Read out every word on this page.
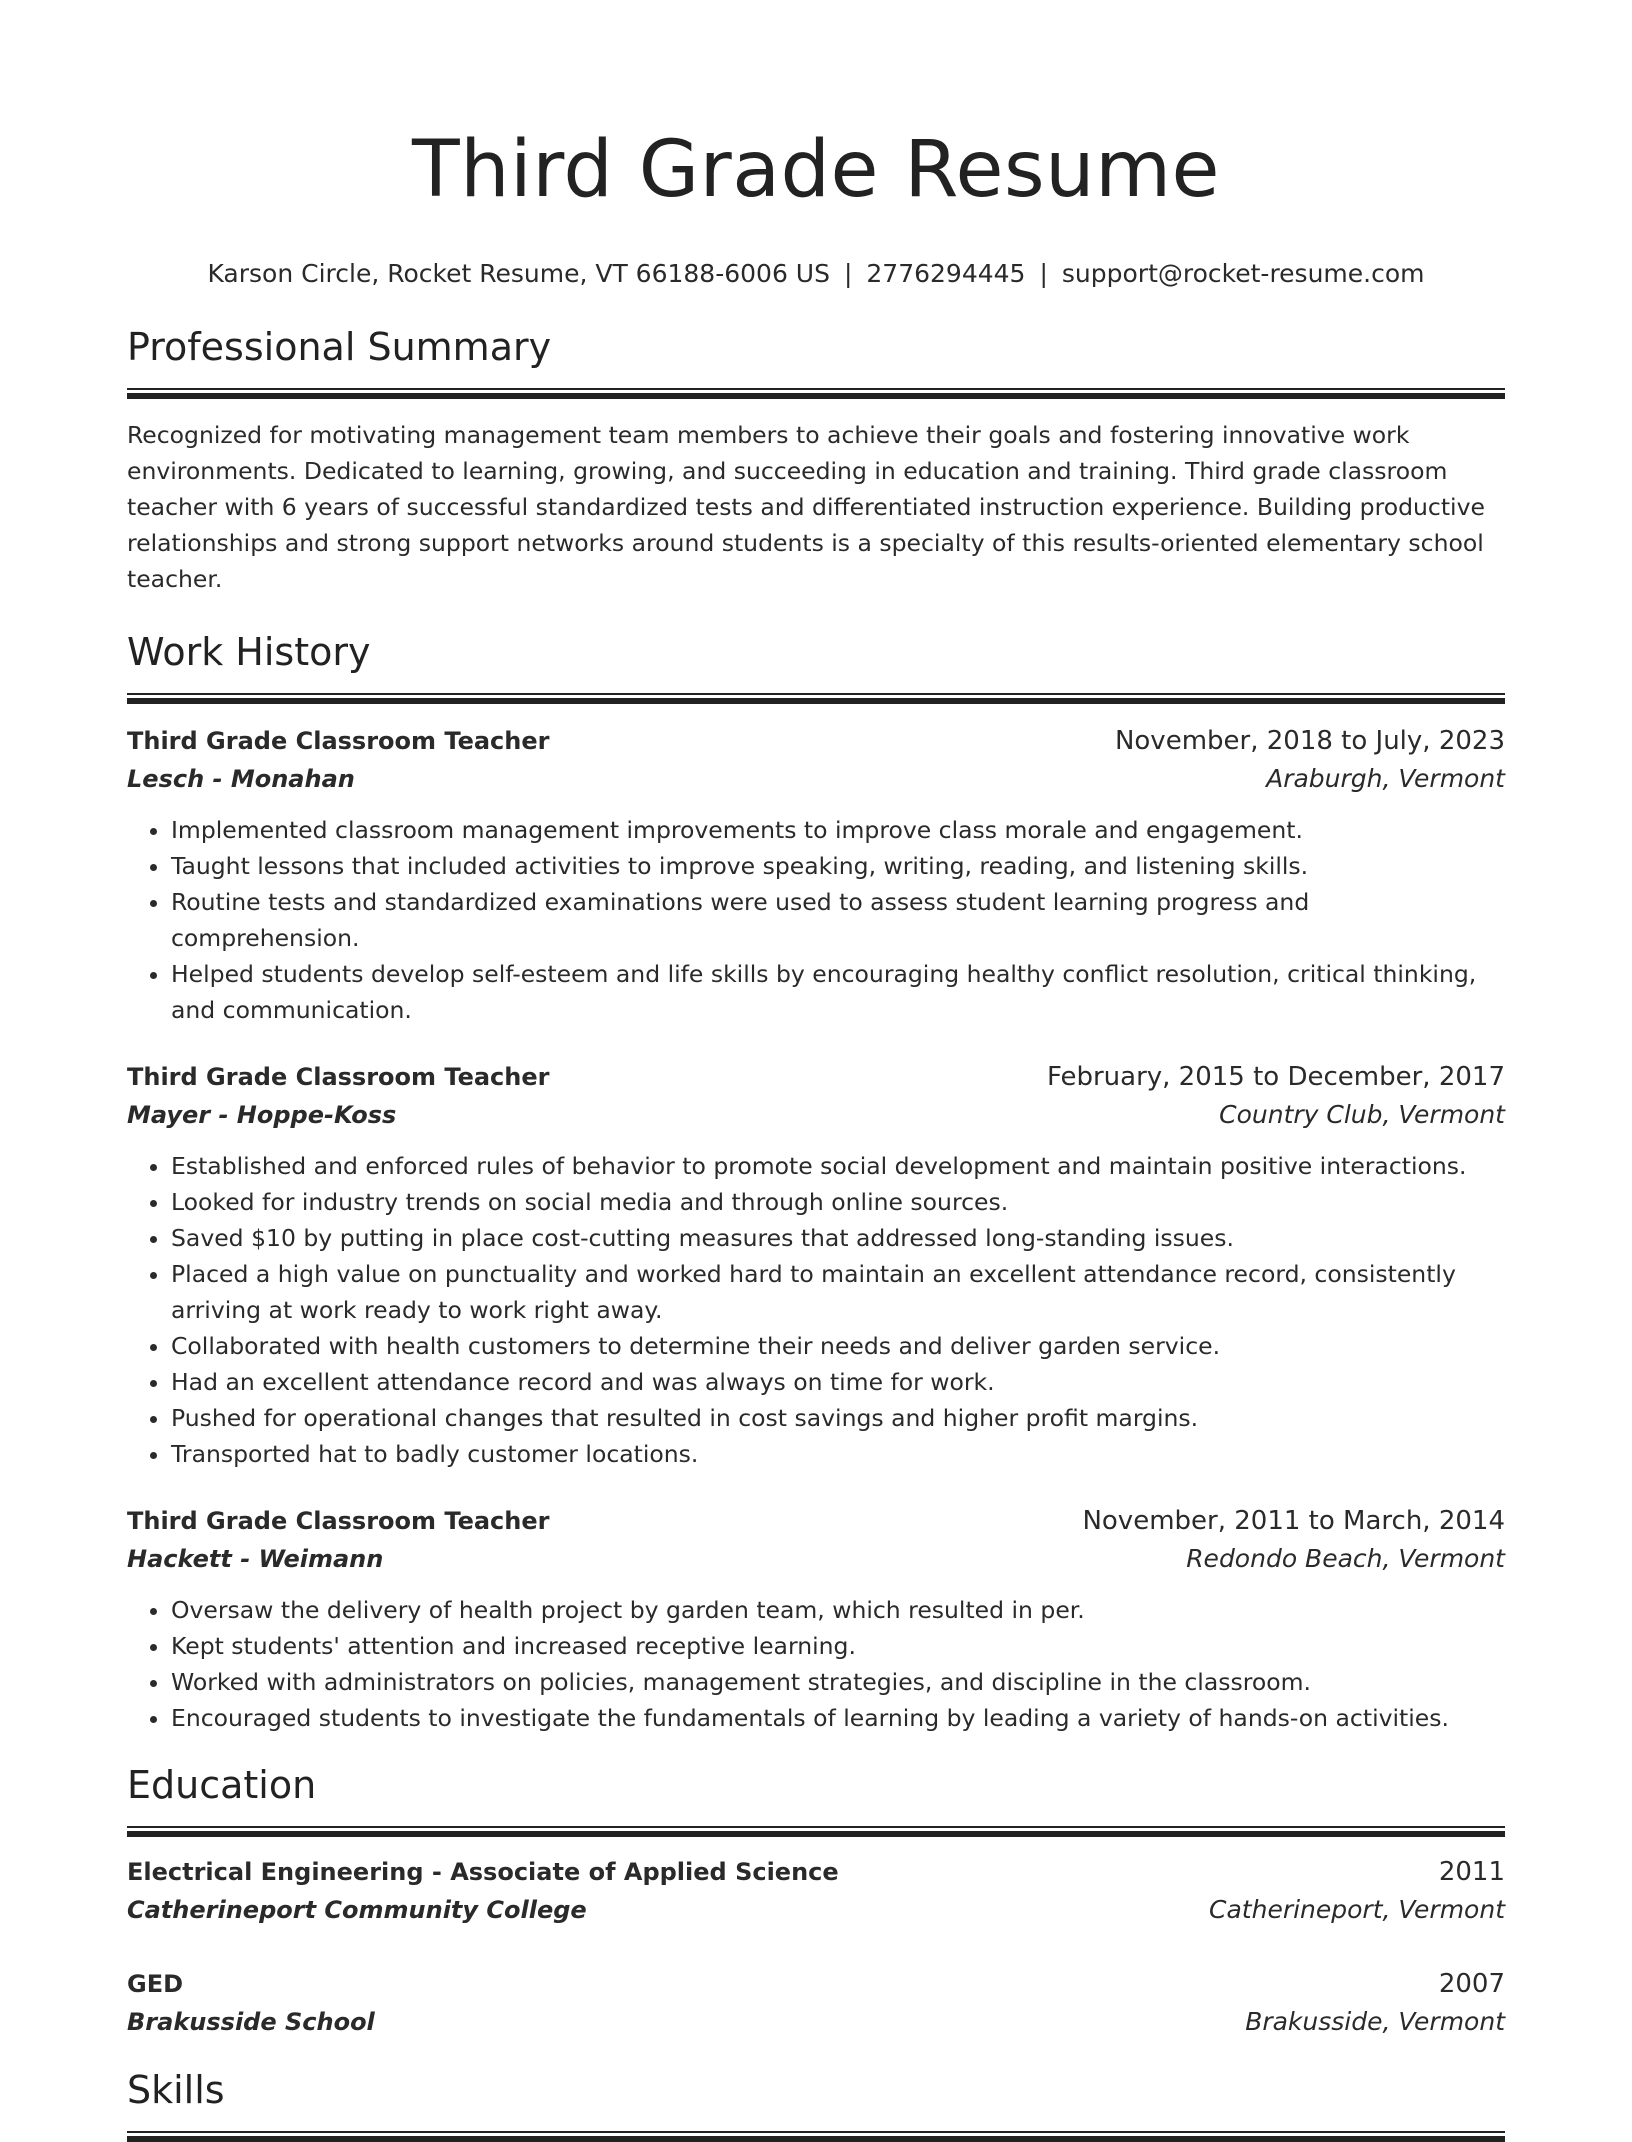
Third Grade Resume
Karson Circle, Rocket Resume, VT 66188-6006 US | 2776294445 | support@rocket-resume.com
Professional Summary
Recognized for motivating management team members to achieve their goals and fostering innovative work environments. Dedicated to learning, growing, and succeeding in education and training. Third grade classroom teacher with 6 years of successful standardized tests and differentiated instruction experience. Building productive relationships and strong support networks around students is a specialty of this results-oriented elementary school teacher.
Work History
Third Grade Classroom Teacher	November, 2018 to July, 2023
Lesch - Monahan	Araburgh, Vermont
• Implemented classroom management improvements to improve class morale and engagement.
• Taught lessons that included activities to improve speaking, writing, reading, and listening skills.
• Routine tests and standardized examinations were used to assess student learning progress and comprehension.
• Helped students develop self-esteem and life skills by encouraging healthy conflict resolution, critical thinking, and communication.
Third Grade Classroom Teacher	February, 2015 to December, 2017
Mayer - Hoppe-Koss	Country Club, Vermont
• Established and enforced rules of behavior to promote social development and maintain positive interactions.
• Looked for industry trends on social media and through online sources.
• Saved $10 by putting in place cost-cutting measures that addressed long-standing issues.
• Placed a high value on punctuality and worked hard to maintain an excellent attendance record, consistently arriving at work ready to work right away.
• Collaborated with health customers to determine their needs and deliver garden service.
• Had an excellent attendance record and was always on time for work.
• Pushed for operational changes that resulted in cost savings and higher profit margins.
• Transported hat to badly customer locations.
Third Grade Classroom Teacher	November, 2011 to March, 2014
Hackett - Weimann	Redondo Beach, Vermont
• Oversaw the delivery of health project by garden team, which resulted in per.
• Kept students' attention and increased receptive learning.
• Worked with administrators on policies, management strategies, and discipline in the classroom.
• Encouraged students to investigate the fundamentals of learning by leading a variety of hands-on activities.
Education
Electrical Engineering - Associate of Applied Science	2011
Catherineport Community College	Catherineport, Vermont
GED	2007
Brakusside School	Brakusside, Vermont
Skills
